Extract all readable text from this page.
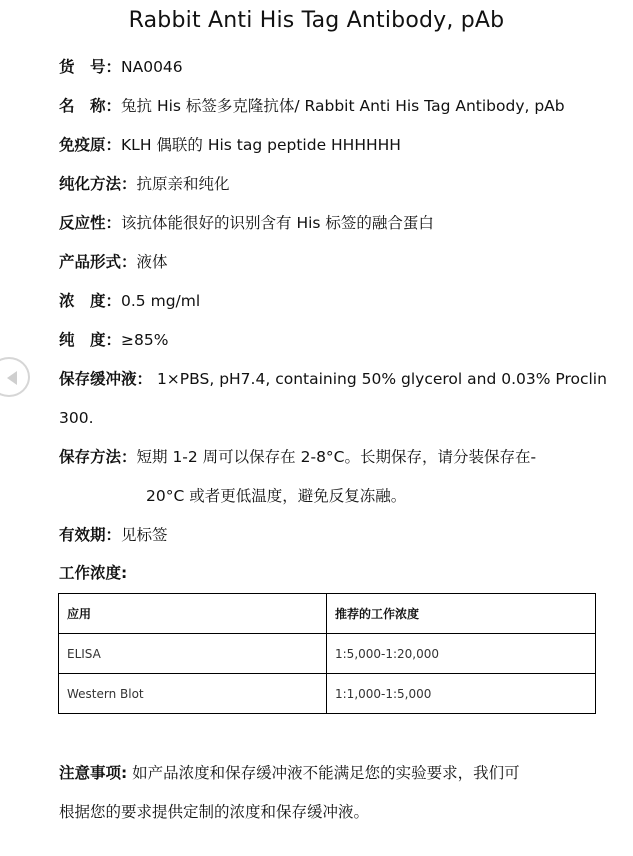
Rabbit Anti His Tag Antibody, pAb
货　号：NA0046
名　称：兔抗 His 标签多克隆抗体/ Rabbit Anti His Tag Antibody, pAb
免疫原：KLH 偶联的 His tag peptide HHHHHH
纯化方法：抗原亲和纯化
反应性：该抗体能很好的识别含有 His 标签的融合蛋白
产品形式：液体
浓　度：0.5 mg/ml
纯　度：≥85%
保存缓冲液： 1×PBS, pH7.4, containing 50% glycerol and 0.03% Proclin
300.
保存方法：短期 1-2 周可以保存在 2-8°C。长期保存，请分装保存在-
20°C 或者更低温度，避免反复冻融。
有效期：见标签
工作浓度:
应用	推荐的工作浓度
ELISA	1:5,000-1:20,000
Western Blot	1:1,000-1:5,000
注意事项: 如产品浓度和保存缓冲液不能满足您的实验要求，我们可
根据您的要求提供定制的浓度和保存缓冲液。
